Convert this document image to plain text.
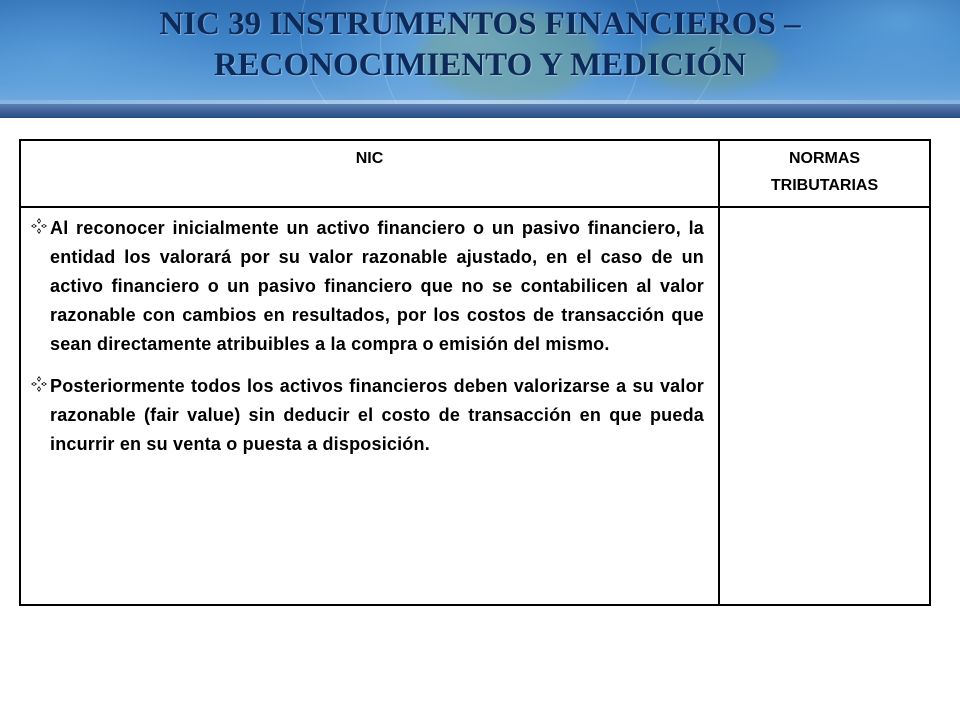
NIC 39 INSTRUMENTOS FINANCIEROS –
RECONOCIMIENTO Y MEDICIÓN
NIC	NORMAS
TRIBUTARIAS

Al reconocer inicialmente un activo financiero o un pasivo financiero, la entidad los valorará por su valor razonable ajustado, en el caso de un activo financiero o un pasivo financiero que no se contabilicen al valor razonable con cambios en resultados, por los costos de transacción que sean directamente atribuibles a la compra o emisión del mismo.
Posteriormente todos los activos financieros deben valorizarse a su valor razonable (fair value) sin deducir el costo de transacción en que pueda incurrir en su venta o puesta a disposición.	
